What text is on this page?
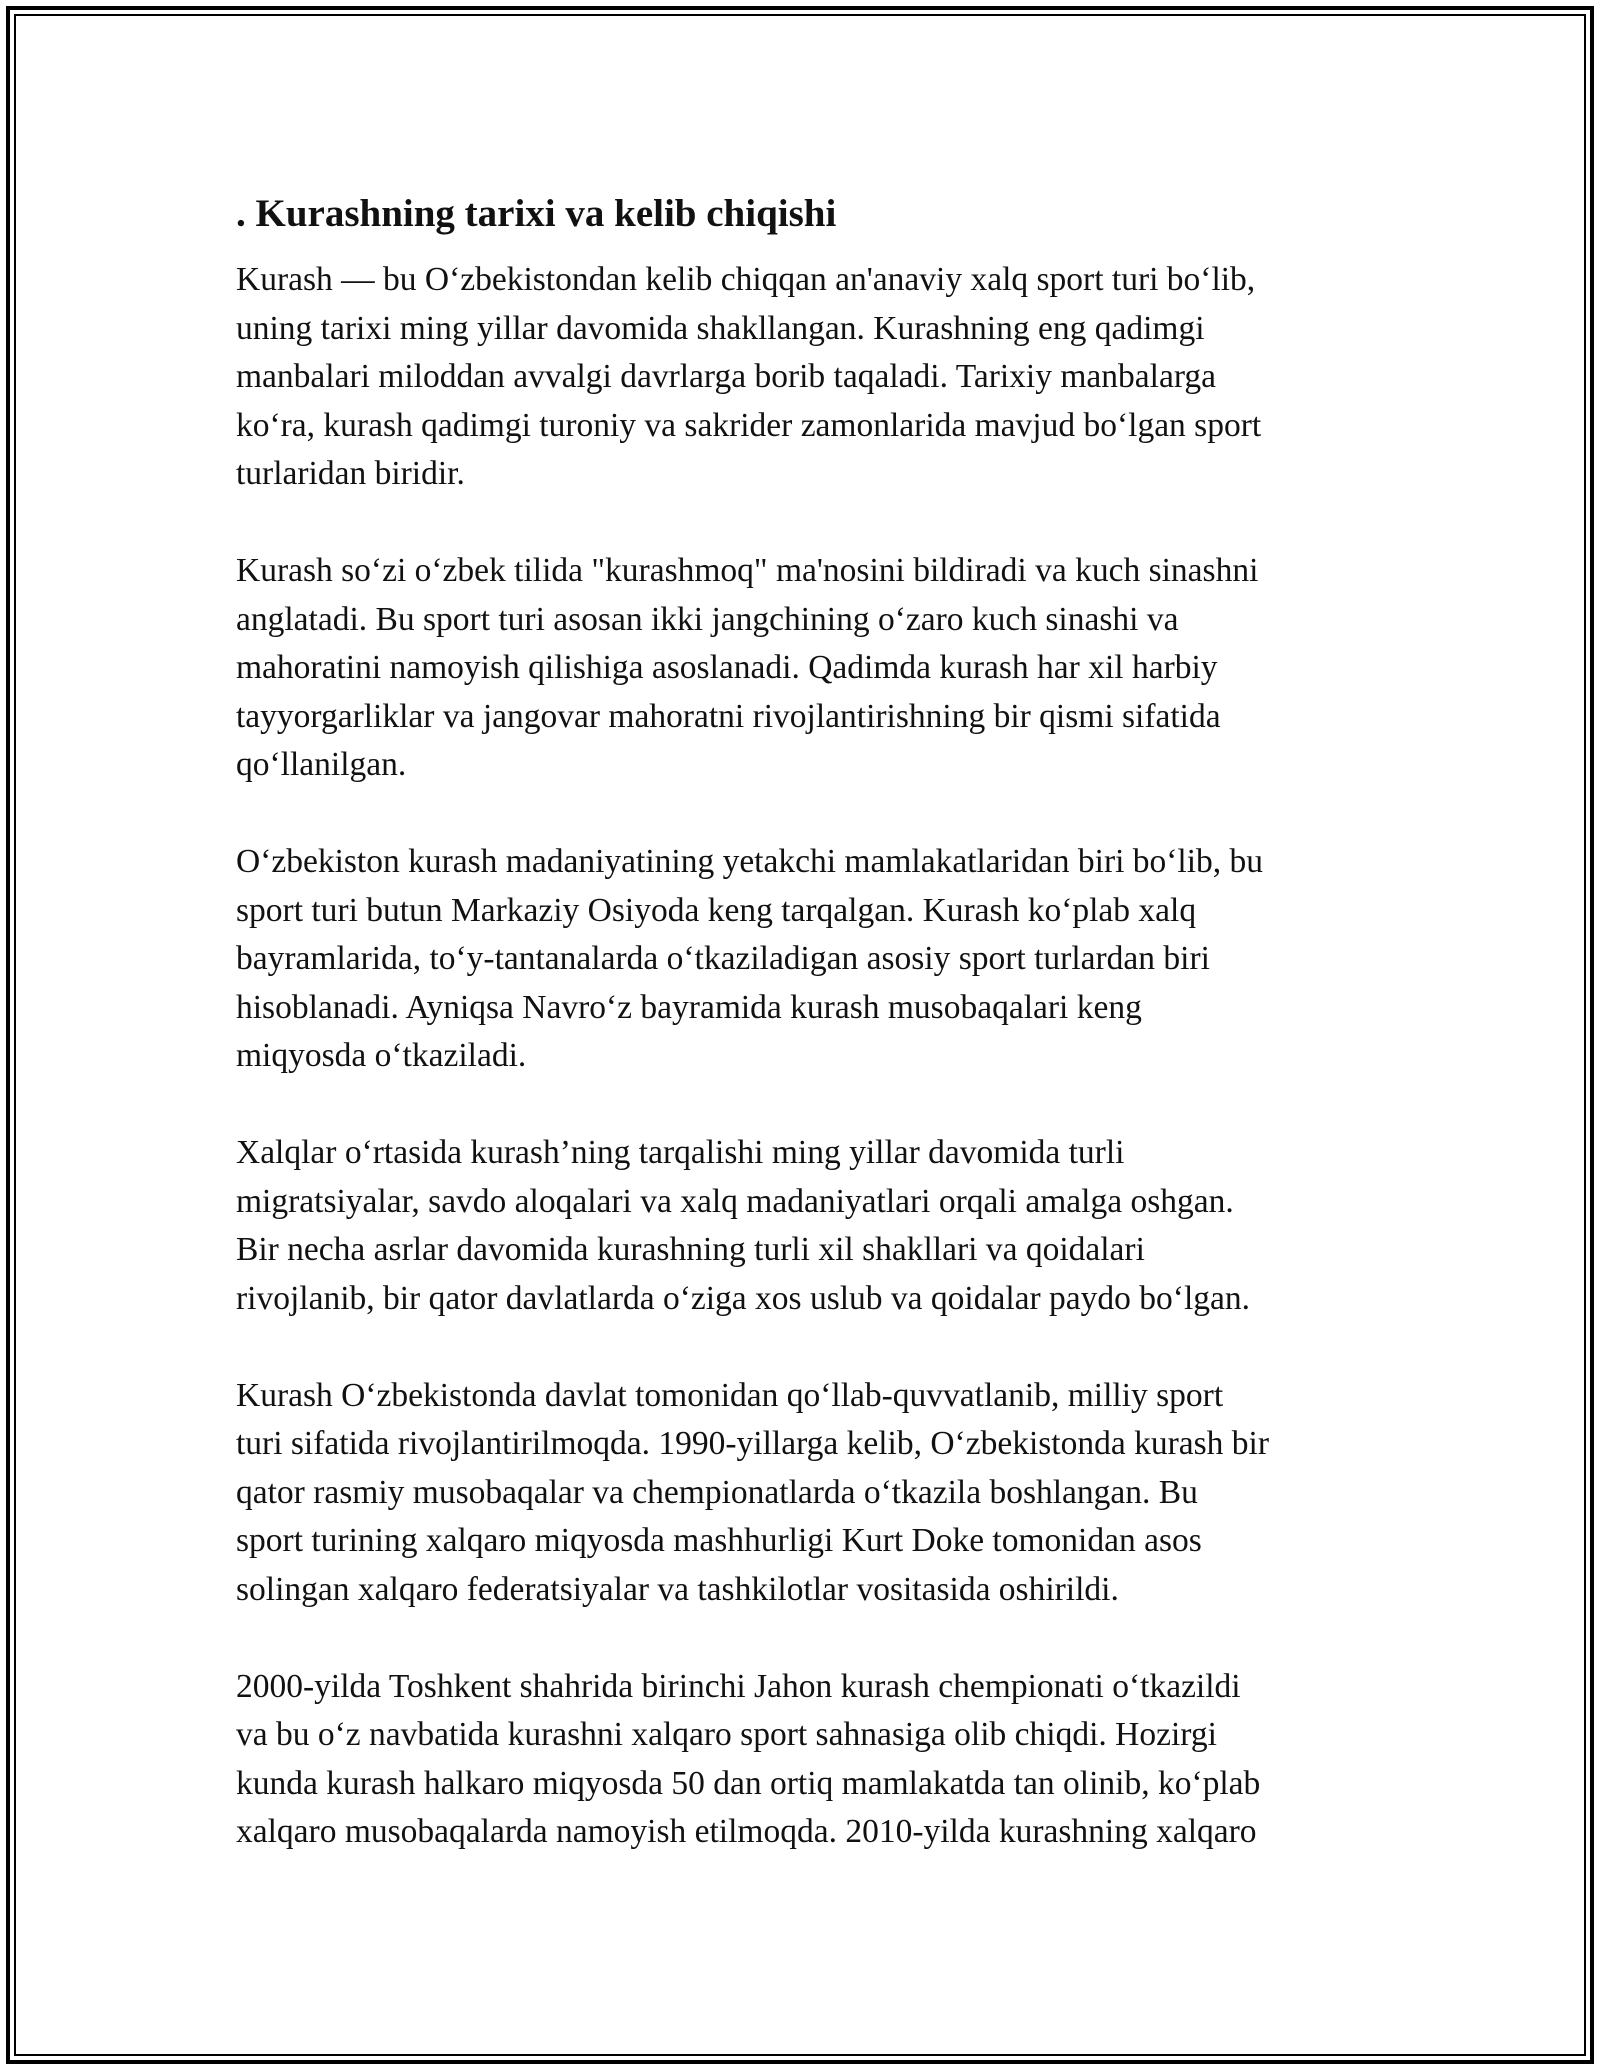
. Kurashning tarixi va kelib chiqishi

Kurash — bu O‘zbekistondan kelib chiqqan an'anaviy xalq sport turi bo‘lib,
uning tarixi ming yillar davomida shakllangan. Kurashning eng qadimgi
manbalari miloddan avvalgi davrlarga borib taqaladi. Tarixiy manbalarga
ko‘ra, kurash qadimgi turoniy va sakrider zamonlarida mavjud bo‘lgan sport
turlaridan biridir.

Kurash so‘zi o‘zbek tilida "kurashmoq" ma'nosini bildiradi va kuch sinashni
anglatadi. Bu sport turi asosan ikki jangchining o‘zaro kuch sinashi va
mahoratini namoyish qilishiga asoslanadi. Qadimda kurash har xil harbiy
tayyorgarliklar va jangovar mahoratni rivojlantirishning bir qismi sifatida
qo‘llanilgan.

O‘zbekiston kurash madaniyatining yetakchi mamlakatlaridan biri bo‘lib, bu
sport turi butun Markaziy Osiyoda keng tarqalgan. Kurash ko‘plab xalq
bayramlarida, to‘y-tantanalarda o‘tkaziladigan asosiy sport turlardan biri
hisoblanadi. Ayniqsa Navro‘z bayramida kurash musobaqalari keng
miqyosda o‘tkaziladi.

Xalqlar o‘rtasida kurash’ning tarqalishi ming yillar davomida turli
migratsiyalar, savdo aloqalari va xalq madaniyatlari orqali amalga oshgan.
Bir necha asrlar davomida kurashning turli xil shakllari va qoidalari
rivojlanib, bir qator davlatlarda o‘ziga xos uslub va qoidalar paydo bo‘lgan.

Kurash O‘zbekistonda davlat tomonidan qo‘llab-quvvatlanib, milliy sport
turi sifatida rivojlantirilmoqda. 1990-yillarga kelib, O‘zbekistonda kurash bir
qator rasmiy musobaqalar va chempionatlarda o‘tkazila boshlangan. Bu
sport turining xalqaro miqyosda mashhurligi Kurt Doke tomonidan asos
solingan xalqaro federatsiyalar va tashkilotlar vositasida oshirildi.

2000-yilda Toshkent shahrida birinchi Jahon kurash chempionati o‘tkazildi
va bu o‘z navbatida kurashni xalqaro sport sahnasiga olib chiqdi. Hozirgi
kunda kurash halkaro miqyosda 50 dan ortiq mamlakatda tan olinib, ko‘plab
xalqaro musobaqalarda namoyish etilmoqda. 2010-yilda kurashning xalqaro
